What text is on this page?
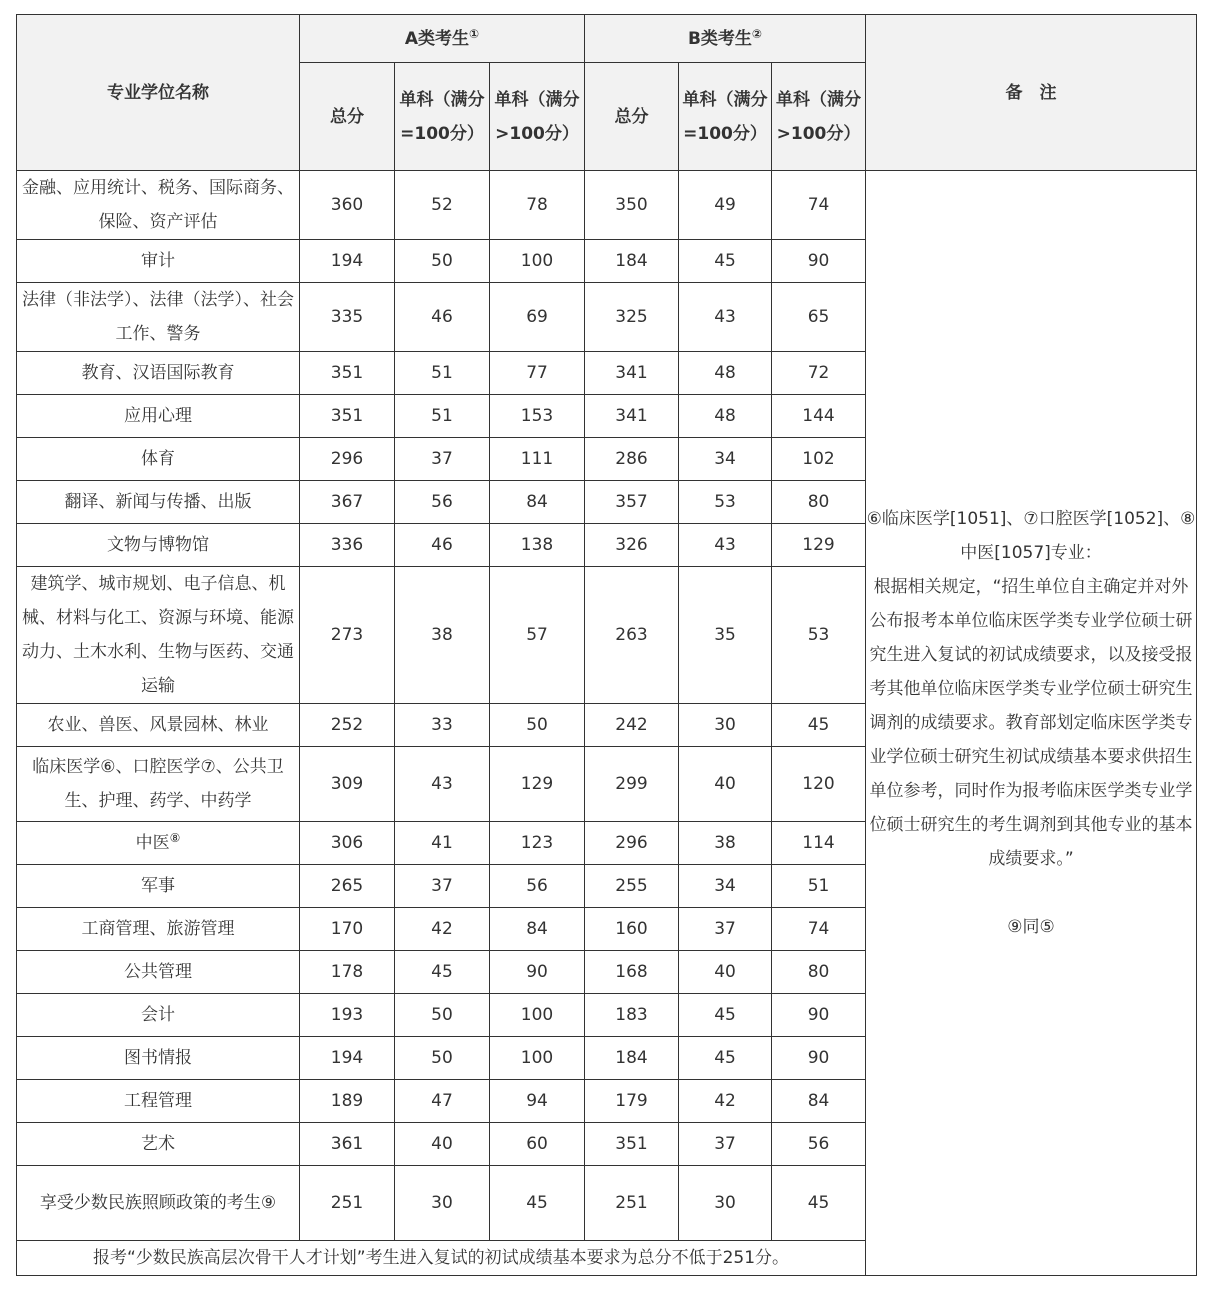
专业学位名称	A类考生①			B类考生②			备　注
	总分	单科（满分 =100分）	单科（满分 >100分）	总分	单科（满分 =100分）	单科（满分 >100分）	
金融、应用统计、税务、国际商务、保险、资产评估	360	52	78	350	49	74	⑥临床医学[1051]、⑦口腔医学[1052]、⑧中医[1057]专业：
根据相关规定，“招生单位自主确定并对外公布报考本单位临床医学类专业学位硕士研究生进入复试的初试成绩要求，以及接受报考其他单位临床医学类专业学位硕士研究生调剂的成绩要求。教育部划定临床医学类专业学位硕士研究生初试成绩基本要求供招生单位参考，同时作为报考临床医学类专业学位硕士研究生的考生调剂到其他专业的基本成绩要求。”
⑨同⑤

审计	194	50	100	184	45	90	
法律（非法学）、法律（法学）、社会工作、警务	335	46	69	325	43	65	
教育、汉语国际教育	351	51	77	341	48	72	
应用心理	351	51	153	341	48	144	
体育	296	37	111	286	34	102	
翻译、新闻与传播、出版	367	56	84	357	53	80	
文物与博物馆	336	46	138	326	43	129	
建筑学、城市规划、电子信息、机械、材料与化工、资源与环境、能源动力、土木水利、生物与医药、交通运输	273	38	57	263	35	53	
农业、兽医、风景园林、林业	252	33	50	242	30	45	
临床医学⑥、口腔医学⑦、公共卫生、护理、药学、中药学	309	43	129	299	40	120	
中医⑧	306	41	123	296	38	114	
军事	265	37	56	255	34	51	
工商管理、旅游管理	170	42	84	160	37	74	
公共管理	178	45	90	168	40	80	
会计	193	50	100	183	45	90	
图书情报	194	50	100	184	45	90	
工程管理	189	47	94	179	42	84	
艺术	361	40	60	351	37	56	
享受少数民族照顾政策的考生⑨	251	30	45	251	30	45	
报考“少数民族高层次骨干人才计划”考生进入复试的初试成绩基本要求为总分不低于251分。							
